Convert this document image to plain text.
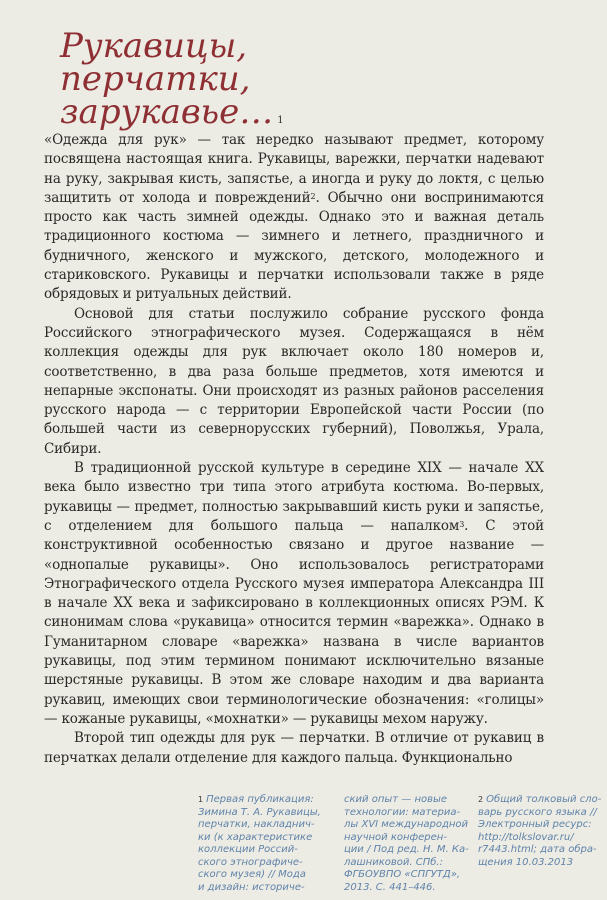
Рукавицы,
перчатки,
зарукавье… $^1$

«Одежда для рук» — так нередко называют предмет, которому посвящена настоящая книга. Рукавицы, варежки, перчатки надевают на руку, закрывая кисть, запястье, а иногда и руку до локтя, с целью защитить от холода и повреждений$^2$. Обычно они воспринимаются просто как часть зимней одежды. Однако это и важная деталь традиционного костюма — зимнего и летнего, праздничного и будничного, женского и мужского, детского, молодежного и стариковского. Рукавицы и перчатки использовали также в ряде обрядовых и ритуальных действий.

Основой для статьи послужило собрание русского фонда Российского этнографического музея. Содержащаяся в нём коллекция одежды для рук включает около 180 номеров и, соответственно, в два раза больше предметов, хотя имеются и непарные экспонаты. Они происходят из разных районов расселения русского народа — с территории Европейской части России (по большей части из севернорусских губерний), Поволжья, Урала, Сибири.

В традиционной русской культуре в середине XIX — начале XX века было известно три типа этого атрибута костюма. Во-первых, рукавицы — предмет, полностью закрывавший кисть руки и запястье, с отделением для большого пальца — напалком$^3$. С этой конструктивной особенностью связано и другое название — «однопалые рукавицы». Оно использовалось регистраторами Этнографического отдела Русского музея императора Александра III в начале XX века и зафиксировано в коллекционных описях РЭМ. К синонимам слова «рукавица» относится термин «варежка». Однако в Гуманитарном словаре «варежка» названа в числе вариантов рукавицы, под этим термином понимают исключительно вязаные шерстяные рукавицы. В этом же словаре находим и два варианта рукавиц, имеющих свои терминологические обозначения: «голицы» — кожаные рукавицы, «мохнатки» — рукавицы мехом наружу.

Второй тип одежды для рук — перчатки. В отличие от рукавиц в перчатках делали отделение для каждого пальца. Функционально

1 Первая публикация:
Зимина Т. А. Рукавицы,
перчатки, накладнич-
ки (к характеристике
коллекции Россий-
ского этнографиче-
ского музея) // Мода
и дизайн: историче-
ский опыт — новые
технологии: материа-
лы XVI международной
научной конферен-
ции / Под ред. Н. М. Ка-
лашниковой. СПб.:
ФГБОУВПО «СПГУТД»,
2013. С. 441–446.
2 Общий толковый сло-
варь русского языка //
Электронный ресурс:
http://tolkslovar.ru/
r7443.html; дата обра-
щения 10.03.2013
